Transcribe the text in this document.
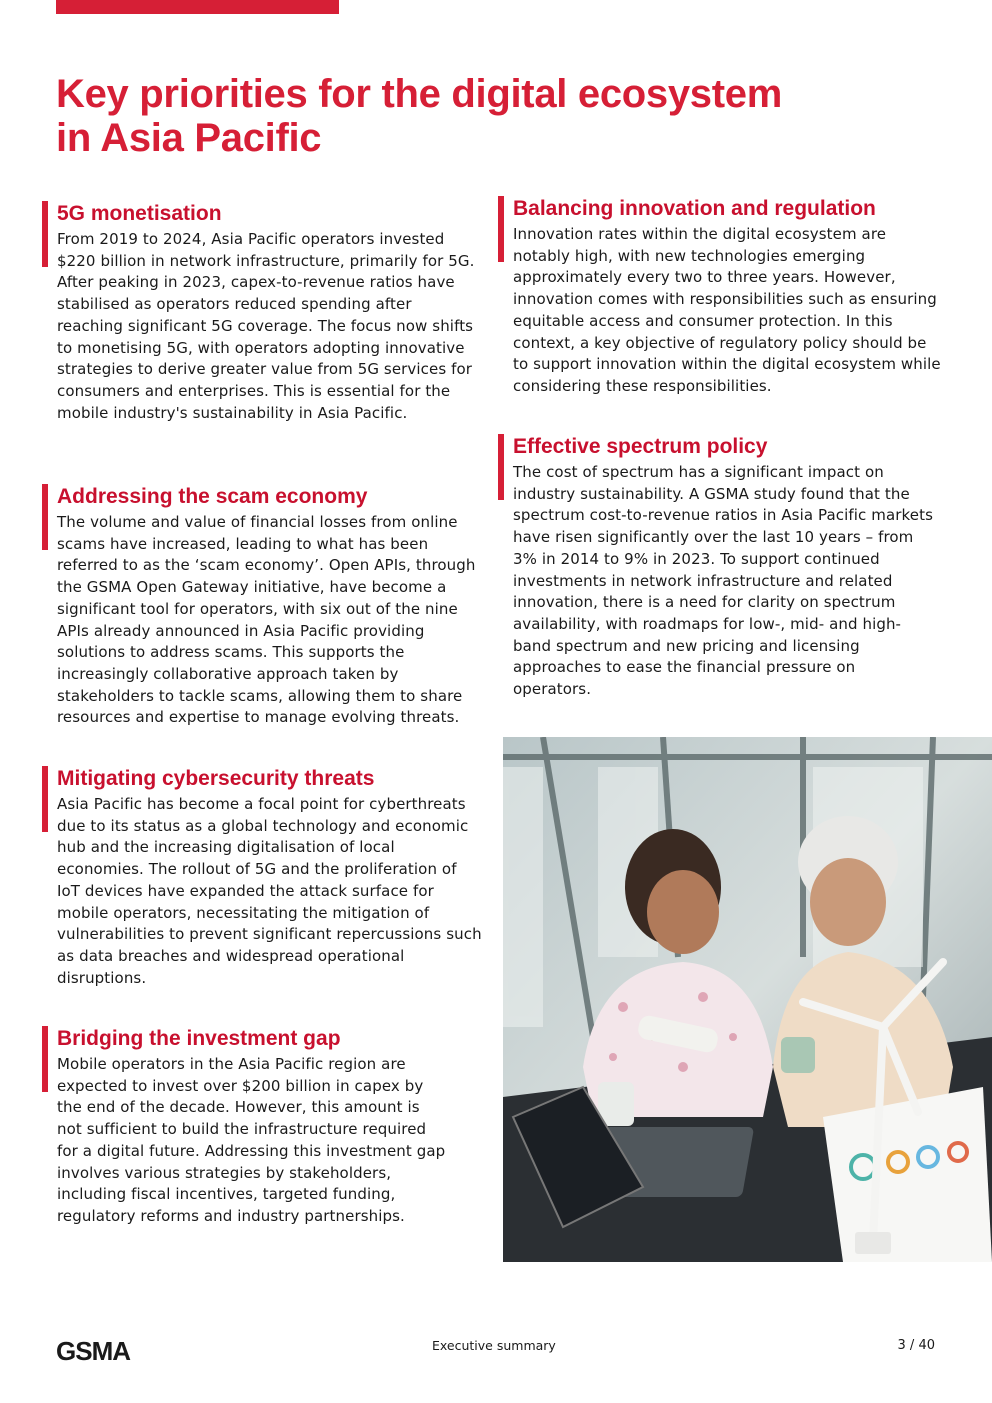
Key priorities for the digital ecosystem
in Asia Pacific
5G monetisation

From 2019 to 2024, Asia Pacific operators invested $220 billion in network infrastructure, primarily for 5G. After peaking in 2023, capex-to-revenue ratios have stabilised as operators reduced spending after reaching significant 5G coverage. The focus now shifts to monetising 5G, with operators adopting innovative strategies to derive greater value from 5G services for consumers and enterprises. This is essential for the mobile industry's sustainability in Asia Pacific.

Addressing the scam economy

The volume and value of financial losses from online scams have increased, leading to what has been referred to as the ‘scam economy’. Open APIs, through the GSMA Open Gateway initiative, have become a significant tool for operators, with six out of the nine APIs already announced in Asia Pacific providing solutions to address scams. This supports the increasingly collaborative approach taken by stakeholders to tackle scams, allowing them to share resources and expertise to manage evolving threats.

Mitigating cybersecurity threats

Asia Pacific has become a focal point for cyberthreats due to its status as a global technology and economic hub and the increasing digitalisation of local economies. The rollout of 5G and the proliferation of IoT devices have expanded the attack surface for mobile operators, necessitating the mitigation of vulnerabilities to prevent significant repercussions such as data breaches and widespread operational disruptions.

Bridging the investment gap

Mobile operators in the Asia Pacific region are expected to invest over $200 billion in capex by the end of the decade. However, this amount is not sufficient to build the infrastructure required for a digital future. Addressing this investment gap involves various strategies by stakeholders, including fiscal incentives, targeted funding, regulatory reforms and industry partnerships.

Balancing innovation and regulation

Innovation rates within the digital ecosystem are notably high, with new technologies emerging approximately every two to three years. However, innovation comes with responsibilities such as ensuring equitable access and consumer protection. In this context, a key objective of regulatory policy should be to support innovation within the digital ecosystem while considering these responsibilities.

Effective spectrum policy

The cost of spectrum has a significant impact on industry sustainability. A GSMA study found that the spectrum cost-to-revenue ratios in Asia Pacific markets have risen significantly over the last 10 years – from 3% in 2014 to 9% in 2023. To support continued investments in network infrastructure and related innovation, there is a need for clarity on spectrum availability, with roadmaps for low-, mid- and high-band spectrum and new pricing and licensing approaches to ease the financial pressure on operators.

GSMA	Executive summary	3 / 40
